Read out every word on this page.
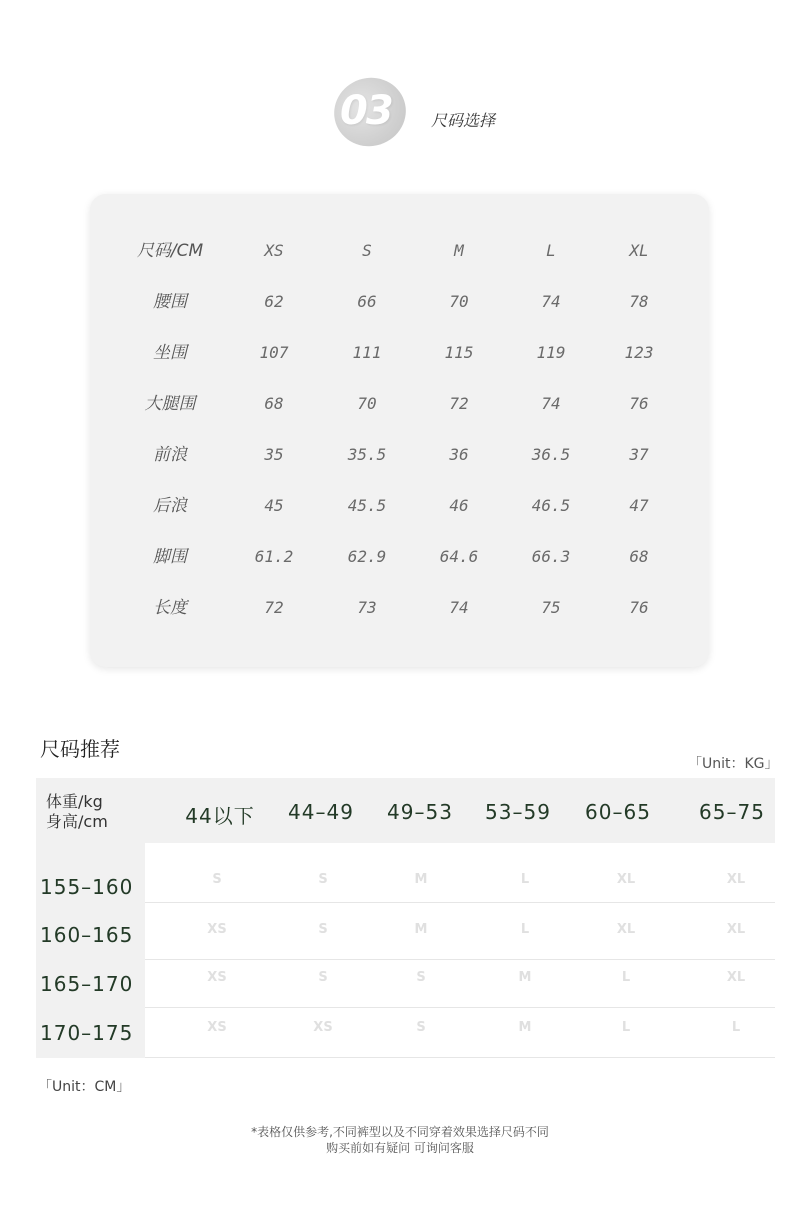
03 尺码选择
尺码/CM	XS	S	M	L	XL
腰围	62	66	70	74	78
坐围	107	111	115	119	123
大腿围	68	70	72	74	76
前浪	35	35.5	36	36.5	37
后浪	45	45.5	46	46.5	47
脚围	61.2	62.9	64.6	66.3	68
长度	72	73	74	75	76
尺码推荐
「Unit：KG」
体重/kg
身高/cm	44以下	44–49	49–53	53–59	60–65	65–75
155–160	S	S	M	L	XL	XL
160–165	XS	S	M	L	XL	XL
165–170	XS	S	S	M	L	XL
170–175	XS	XS	S	M	L	L
「Unit：CM」
*表格仅供参考,不同裤型以及不同穿着效果选择尺码不同
购买前如有疑问 可询问客服
